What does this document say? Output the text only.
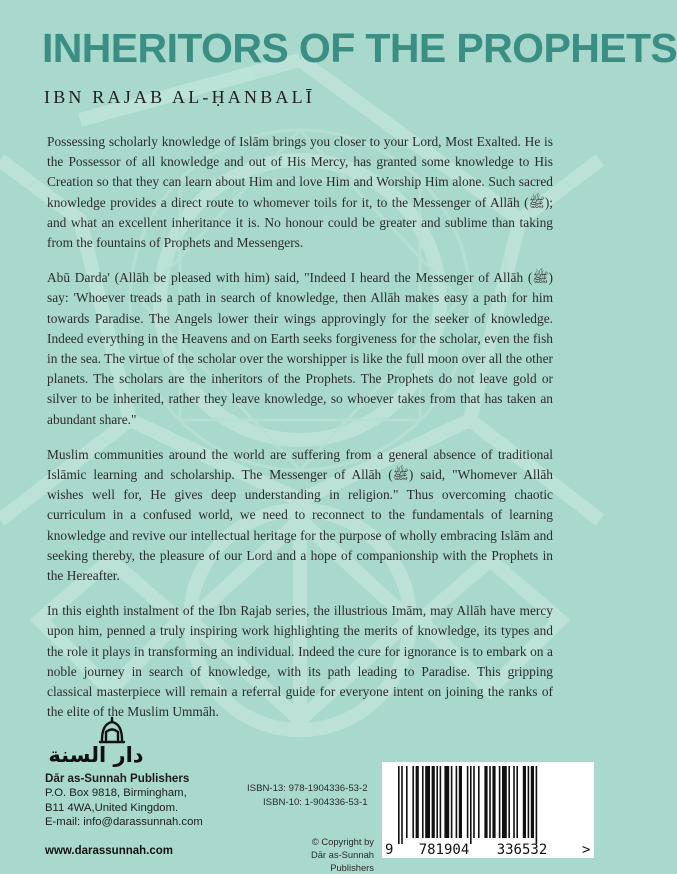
INHERITORS OF THE PROPHETS
IBN RAJAB AL-ḤANBALĪ

Possessing scholarly knowledge of Islām brings you closer to your Lord, Most Exalted. He is the Possessor of all knowledge and out of His Mercy, has granted some knowledge to His Creation so that they can learn about Him and love Him and Worship Him alone. Such sacred knowledge provides a direct route to whomever toils for it, to the Messenger of Allāh (ﷺ); and what an excellent inheritance it is. No honour could be greater and sublime than taking from the fountains of Prophets and Messengers.

Abū Darda' (Allāh be pleased with him) said, "Indeed I heard the Messenger of Allāh (ﷺ) say: 'Whoever treads a path in search of knowledge, then Allāh makes easy a path for him towards Paradise. The Angels lower their wings approvingly for the seeker of knowledge. Indeed everything in the Heavens and on Earth seeks forgiveness for the scholar, even the fish in the sea. The virtue of the scholar over the worshipper is like the full moon over all the other planets. The scholars are the inheritors of the Prophets. The Prophets do not leave gold or silver to be inherited, rather they leave knowledge, so whoever takes from that has taken an abundant share."

Muslim communities around the world are suffering from a general absence of traditional Islāmic learning and scholarship. The Messenger of Allāh (ﷺ) said, "Whomever Allāh wishes well for, He gives deep understanding in religion." Thus overcoming chaotic curriculum in a confused world, we need to reconnect to the fundamentals of learning knowledge and revive our intellectual heritage for the purpose of wholly embracing Islām and seeking thereby, the pleasure of our Lord and a hope of companionship with the Prophets in the Hereafter.

In this eighth instalment of the Ibn Rajab series, the illustrious Imām, may Allāh have mercy upon him, penned a truly inspiring work highlighting the merits of knowledge, its types and the role it plays in transforming an individual. Indeed the cure for ignorance is to embark on a noble journey in search of knowledge, with its path leading to Paradise. This gripping classical masterpiece will remain a referral guide for everyone intent on joining the ranks of the elite of the Muslim Ummāh.

دار السنة
Dār as-Sunnah Publishers
P.O. Box 9818, Birmingham,
B11 4WA,United Kingdom.
E-mail: info@darassunnah.com
www.darassunnah.com
ISBN-13: 978-1904336-53-2
ISBN-10: 1-904336-53-1
© Copyright by
Dār as-Sunnah Publishers
9 781904 336532 >
